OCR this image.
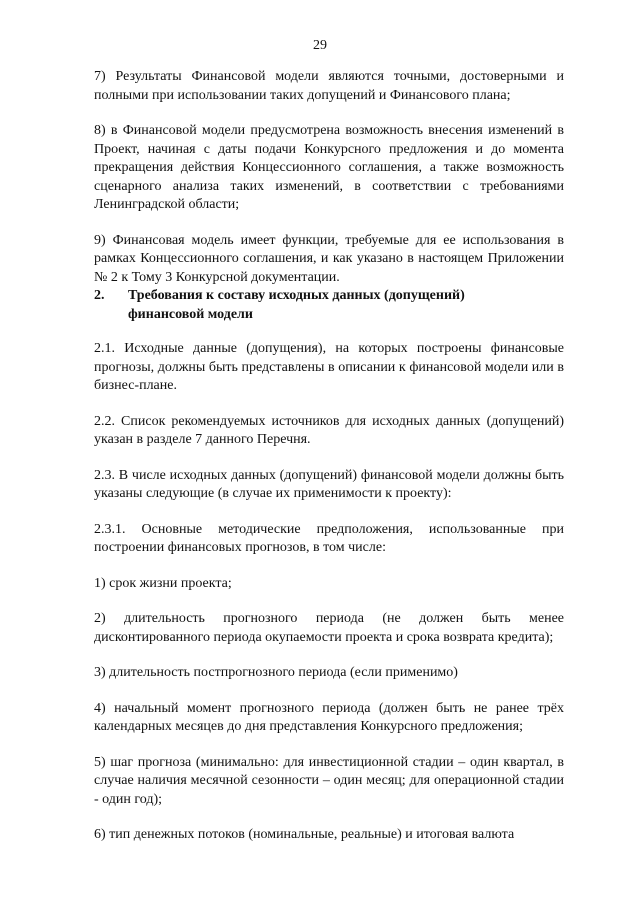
29

7) Результаты Финансовой модели являются точными, достоверными и полными при использовании таких допущений и Финансового плана;

8) в Финансовой модели предусмотрена возможность внесения изменений в Проект, начиная с даты подачи Конкурсного предложения и до момента прекращения действия Концессионного соглашения, а также возможность сценарного анализа таких изменений, в соответствии с требованиями Ленинградской области;

9) Финансовая модель имеет функции, требуемые для ее использования в рамках Концессионного соглашения, и как указано в настоящем Приложении № 2 к Тому 3 Конкурсной документации.

2.	Требования к составу исходных данных (допущений) финансовой модели

2.1. Исходные данные (допущения), на которых построены финансовые прогнозы, должны быть представлены в описании к финансовой модели или в бизнес-плане.

2.2. Список рекомендуемых источников для исходных данных (допущений) указан в разделе 7 данного Перечня.

2.3. В числе исходных данных (допущений) финансовой модели должны быть указаны следующие (в случае их применимости к проекту):

2.3.1. Основные методические предположения, использованные при построении финансовых прогнозов, в том числе:

1) срок жизни проекта;

2) длительность прогнозного периода (не должен быть менее дисконтированного периода окупаемости проекта и срока возврата кредита);

3) длительность постпрогнозного периода (если применимо)

4) начальный момент прогнозного периода (должен быть не ранее трёх календарных месяцев до дня представления Конкурсного предложения;

5) шаг прогноза (минимально: для инвестиционной стадии – один квартал, в случае наличия месячной сезонности – один месяц; для операционной стадии - один год);

6) тип денежных потоков (номинальные, реальные) и итоговая валюта
